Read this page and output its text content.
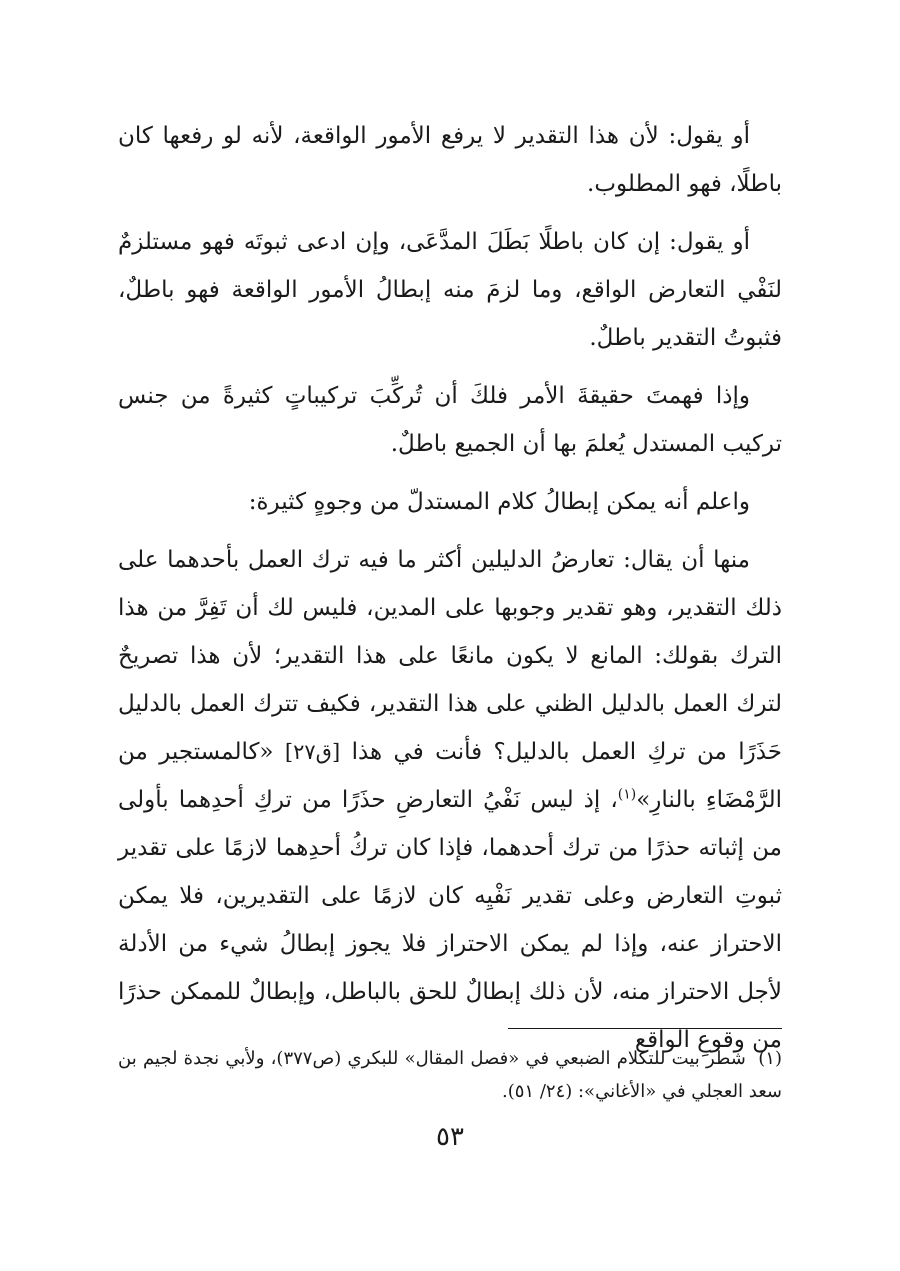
أو يقول: لأن هذا التقدير لا يرفع الأمور الواقعة، لأنه لو رفعها كان باطلًا، فهو المطلوب.

أو يقول: إن كان باطلًا بَطَلَ المدَّعَى، وإن ادعى ثبوتَه فهو مستلزمٌ لنَفْي التعارض الواقع، وما لزمَ منه إبطالُ الأمور الواقعة فهو باطلٌ، فثبوتُ التقدير باطلٌ.

وإذا فهمتَ حقيقةَ الأمر فلكَ أن تُركِّبَ تركيباتٍ كثيرةً من جنس تركيب المستدل يُعلمَ بها أن الجميع باطلٌ.

واعلم أنه يمكن إبطالُ كلام المستدلّ من وجوهٍ كثيرة:

منها أن يقال: تعارضُ الدليلين أكثر ما فيه ترك العمل بأحدهما على ذلك التقدير، وهو تقدير وجوبها على المدين، فليس لك أن تَفِرَّ من هذا الترك بقولك: المانع لا يكون مانعًا على هذا التقدير؛ لأن هذا تصريحٌ لترك العمل بالدليل الظني على هذا التقدير، فكيف تترك العمل بالدليل حَذَرًا من تركِ العمل بالدليل؟ فأنت في هذا [ق٢٧] «كالمستجير من الرَّمْضَاءِ بالنارِ»$^{(١)}$، إذ ليس نَفْيُ التعارضِ حذَرًا من تركِ أحدِهما بأولى من إثباته حذرًا من ترك أحدهما، فإذا كان تركُ أحدِهما لازمًا على تقدير ثبوتِ التعارض وعلى تقدير نَفْيِه كان لازمًا على التقديرين، فلا يمكن الاحتراز عنه، وإذا لم يمكن الاحتراز فلا يجوز إبطالُ شيء من الأدلة لأجل الاحتراز منه، لأن ذلك إبطالٌ للحق بالباطل، وإبطالٌ للممكن حذرًا من وقوعِ الواقع

(١)  شطر بيت للتكلام الضبعي في «فصل المقال» للبكري (ص٣٧٧)، ولأبي نجدة لجيم بن سعد العجلي في «الأغاني»: (٢٤/ ٥١).

٥٣
